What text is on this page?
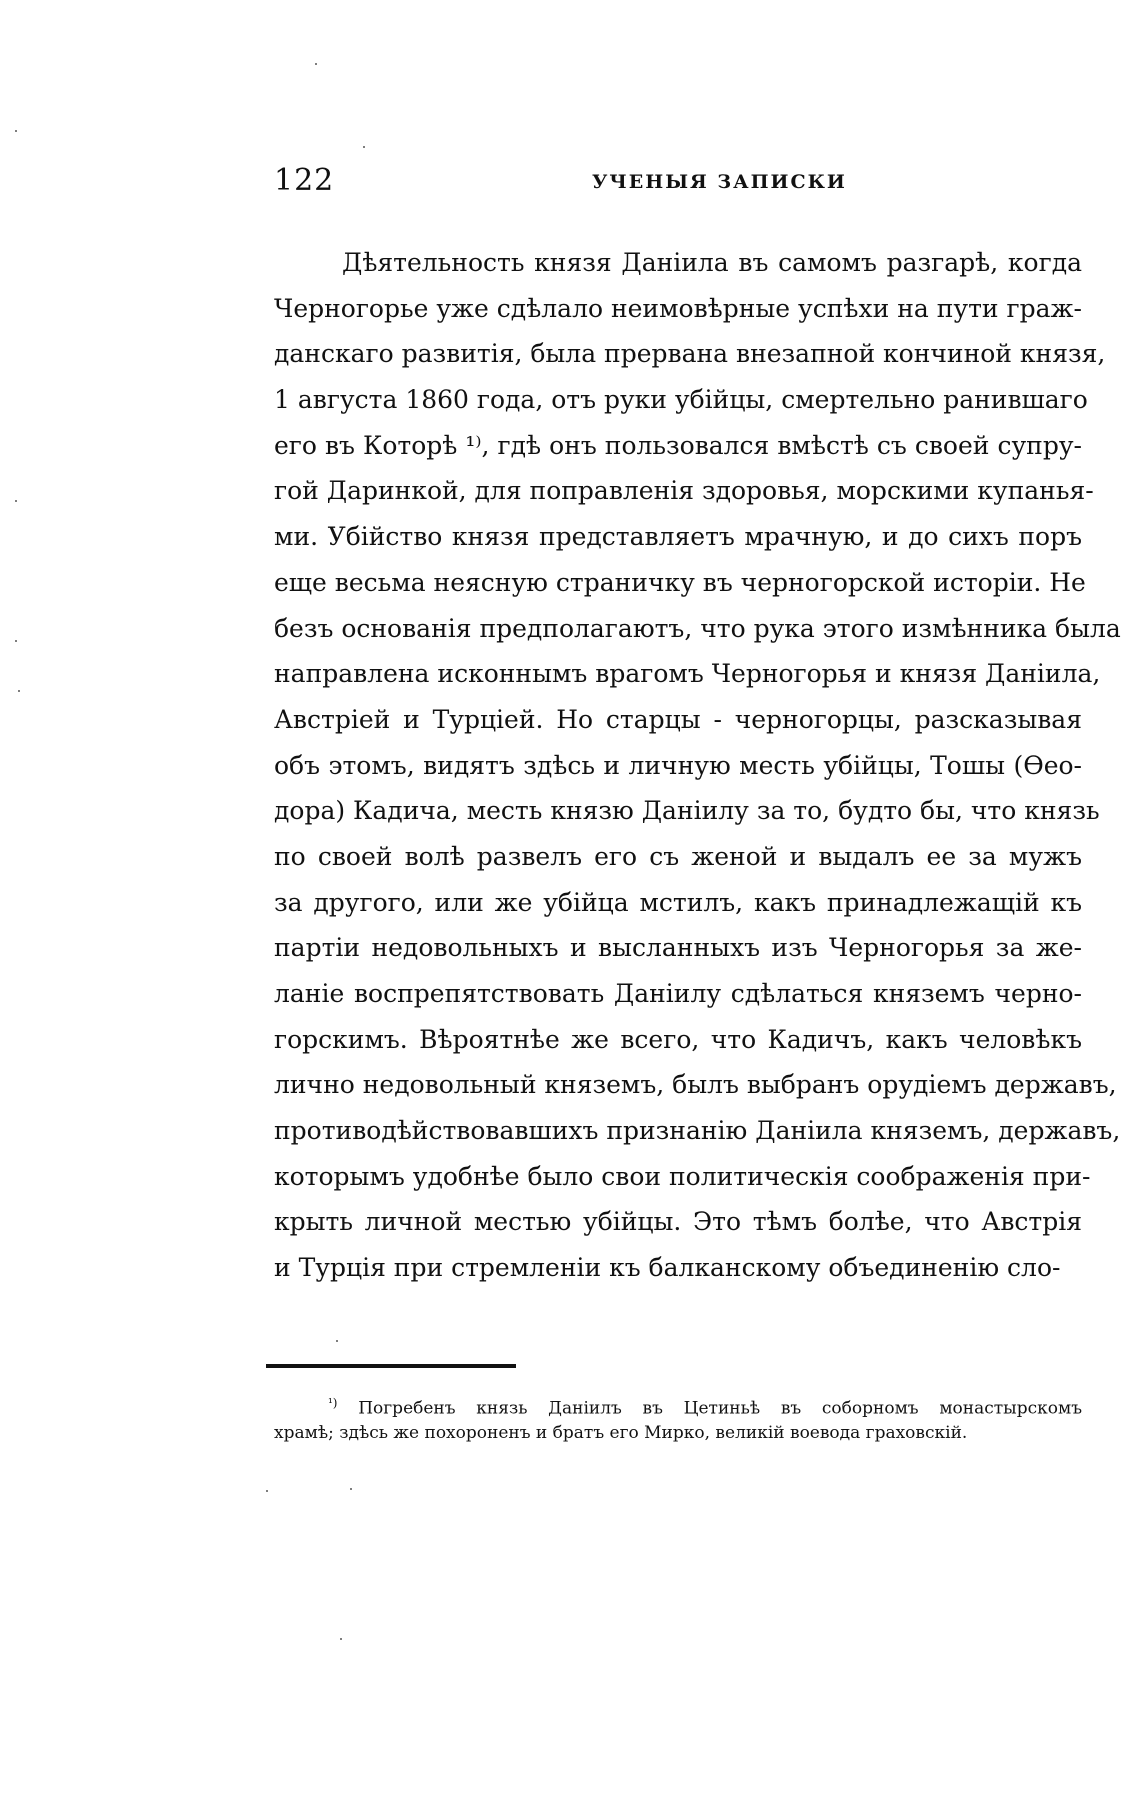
122	УЧЕНЫЯ ЗАПИСКИ
Дѣятельность князя Даніила въ самомъ разгарѣ, когда
Черногорье уже сдѣлало неимовѣрные успѣхи на пути граж-
данскаго развитія, была прервана внезапной кончиной князя,
1 августа 1860 года, отъ руки убійцы, смертельно ранившаго
его въ Которѣ ¹⁾, гдѣ онъ пользовался вмѣстѣ съ своей супру-
гой Даринкой, для поправленія здоровья, морскими купанья-
ми. Убійство князя представляетъ мрачную, и до сихъ поръ
еще весьма неясную страничку въ черногорской исторіи. Не
безъ основанія предполагаютъ, что рука этого измѣнника была
направлена исконнымъ врагомъ Черногорья и князя Даніила,
Австріей и Турціей. Но старцы - черногорцы, разсказывая
объ этомъ, видятъ здѣсь и личную месть убійцы, Тошы (Ѳео-
дора) Кадича, месть князю Даніилу за то, будто бы, что князь
по своей волѣ развелъ его съ женой и выдалъ ее за мужъ
за другого, или же убійца мстилъ, какъ принадлежащій къ
партіи недовольныхъ и высланныхъ изъ Черногорья за же-
ланіе воспрепятствовать Даніилу сдѣлаться княземъ черно-
горскимъ. Вѣроятнѣе же всего, что Кадичъ, какъ человѣкъ
лично недовольный княземъ, былъ выбранъ орудіемъ державъ,
противодѣйствовавшихъ признанію Даніила княземъ, державъ,
которымъ удобнѣе было свои политическія соображенія при-
крыть личной местью убійцы. Это тѣмъ болѣе, что Австрія
и Турція при стремленіи къ балканскому объединенію сло-
$^{^1)}$ Погребенъ князь Даніилъ въ Цетиньѣ въ соборномъ монастырскомъ
храмѣ; здѣсь же похороненъ и братъ его Мирко, великій воевода граховскій.
